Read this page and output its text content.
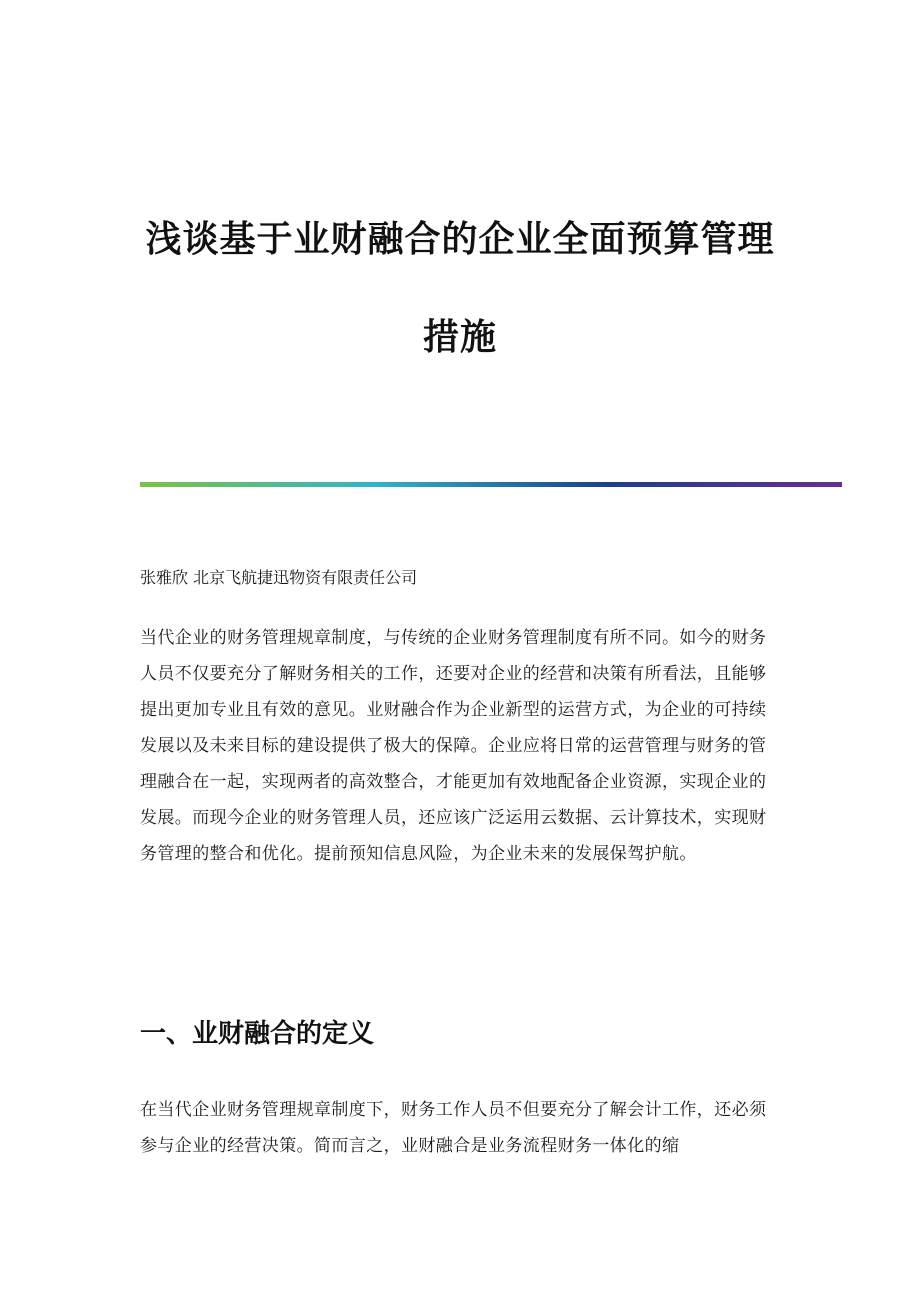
浅谈基于业财融合的企业全面预算管理
措施

张雅欣 北京飞航捷迅物资有限责任公司

当代企业的财务管理规章制度，与传统的企业财务管理制度有所不同。如今的财务人员不仅要充分了解财务相关的工作，还要对企业的经营和决策有所看法，且能够提出更加专业且有效的意见。业财融合作为企业新型的运营方式，为企业的可持续发展以及未来目标的建设提供了极大的保障。企业应将日常的运营管理与财务的管理融合在一起，实现两者的高效整合，才能更加有效地配备企业资源，实现企业的发展。而现今企业的财务管理人员，还应该广泛运用云数据、云计算技术，实现财务管理的整合和优化。提前预知信息风险，为企业未来的发展保驾护航。

一、业财融合的定义

在当代企业财务管理规章制度下，财务工作人员不但要充分了解会计工作，还必须参与企业的经营决策。简而言之，业财融合是业务流程财务一体化的缩
